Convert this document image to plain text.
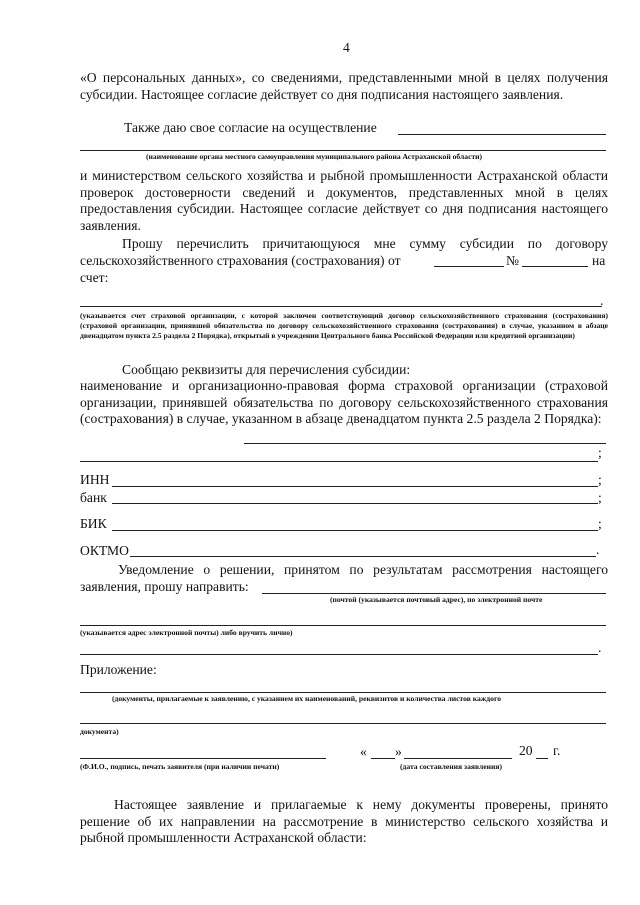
4
«О персональных данных», со сведениями, представленными мной в целях получения субсидии. Настоящее согласие действует со дня подписания настоящего заявления.
Также даю свое согласие на осуществление
(наименование органа местного самоуправления муниципального района Астраханской области)
и министерством сельского хозяйства и рыбной промышленности Астраханской области проверок достоверности сведений и документов, представленных мной в целях предоставления субсидии. Настоящее согласие действует со дня подписания настоящего заявления.
Прошу перечислить причитающуюся мне сумму субсидии по договору сельскохозяйственного страхования (сострахования) от	№	на
счет:
.
(указывается счет страховой организации, с которой заключен соответствующий договор сельскохозяйственного страхования (сострахования) (страховой организации, принявшей обязательства по договору сельскохозяйственного страхования (сострахования) в случае, указанном в абзаце двенадцатом пункта 2.5 раздела 2 Порядка), открытый в учреждении Центрального банка Российской Федерации или кредитной организации)
Сообщаю реквизиты для перечисления субсидии:
наименование и организационно-правовая форма страховой организации (страховой организации, принявшей обязательства по договору сельскохозяйственного страхования (сострахования) в случае, указанном в абзаце двенадцатом пункта 2.5 раздела 2 Порядка):
;
ИНН	;
банк	;
БИК	;
ОКТМО	.
Уведомление о решении, принятом по результатам рассмотрения настоящего заявления, прошу направить:
(почтой (указывается почтовый адрес), по электронной почте
(указывается адрес электронной почты) либо вручить лично)
.
Приложение:
(документы, прилагаемые к заявлению, с указанием их наименований, реквизитов и количества листов каждого
документа)
(Ф.И.О., подпись, печать заявителя (при наличии печати)
« »	20 г.
(дата составления заявления)
Настоящее заявление и прилагаемые к нему документы проверены, принято решение об их направлении на рассмотрение в министерство сельского хозяйства и рыбной промышленности Астраханской области:
